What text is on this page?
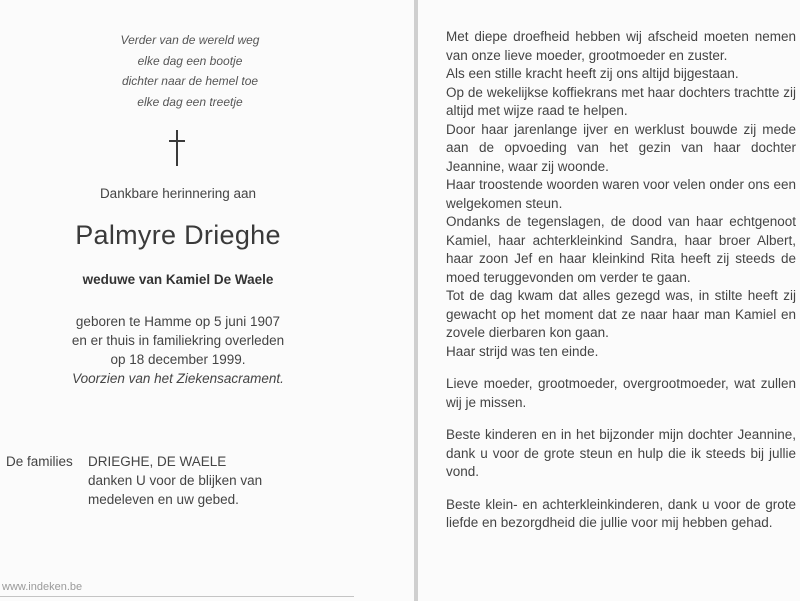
Verder van de wereld weg
elke dag een bootje
dichter naar de hemel toe
elke dag een treetje
Dankbare herinnering aan
Palmyre Drieghe
weduwe van Kamiel De Waele
geboren te Hamme op 5 juni 1907
en er thuis in familiekring overleden
op 18 december 1999.
Voorzien van het Ziekensacrament.
De families DRIEGHE, DE WAELE
danken U voor de blijken van
medeleven en uw gebed.
www.indeken.be

Met diepe droefheid hebben wij afscheid moeten nemen van onze lieve moeder, grootmoeder en zuster.

Als een stille kracht heeft zij ons altijd bijgestaan.

Op de wekelijkse koffiekrans met haar dochters trachtte zij altijd met wijze raad te helpen.

Door haar jarenlange ijver en werklust bouwde zij mede aan de opvoeding van het gezin van haar dochter Jeannine, waar zij woonde.

Haar troostende woorden waren voor velen onder ons een welgekomen steun.

Ondanks de tegenslagen, de dood van haar echtgenoot Kamiel, haar achterkleinkind Sandra, haar broer Albert, haar zoon Jef en haar kleinkind Rita heeft zij steeds de moed teruggevonden om verder te gaan.

Tot de dag kwam dat alles gezegd was, in stilte heeft zij gewacht op het moment dat ze naar haar man Kamiel en zovele dierbaren kon gaan.

Haar strijd was ten einde.

Lieve moeder, grootmoeder, overgrootmoeder, wat zullen wij je missen.

Beste kinderen en in het bijzonder mijn dochter Jeannine, dank u voor de grote steun en hulp die ik steeds bij jullie vond.

Beste klein- en achterkleinkinderen, dank u voor de grote liefde en bezorgdheid die jullie voor mij hebben gehad.
